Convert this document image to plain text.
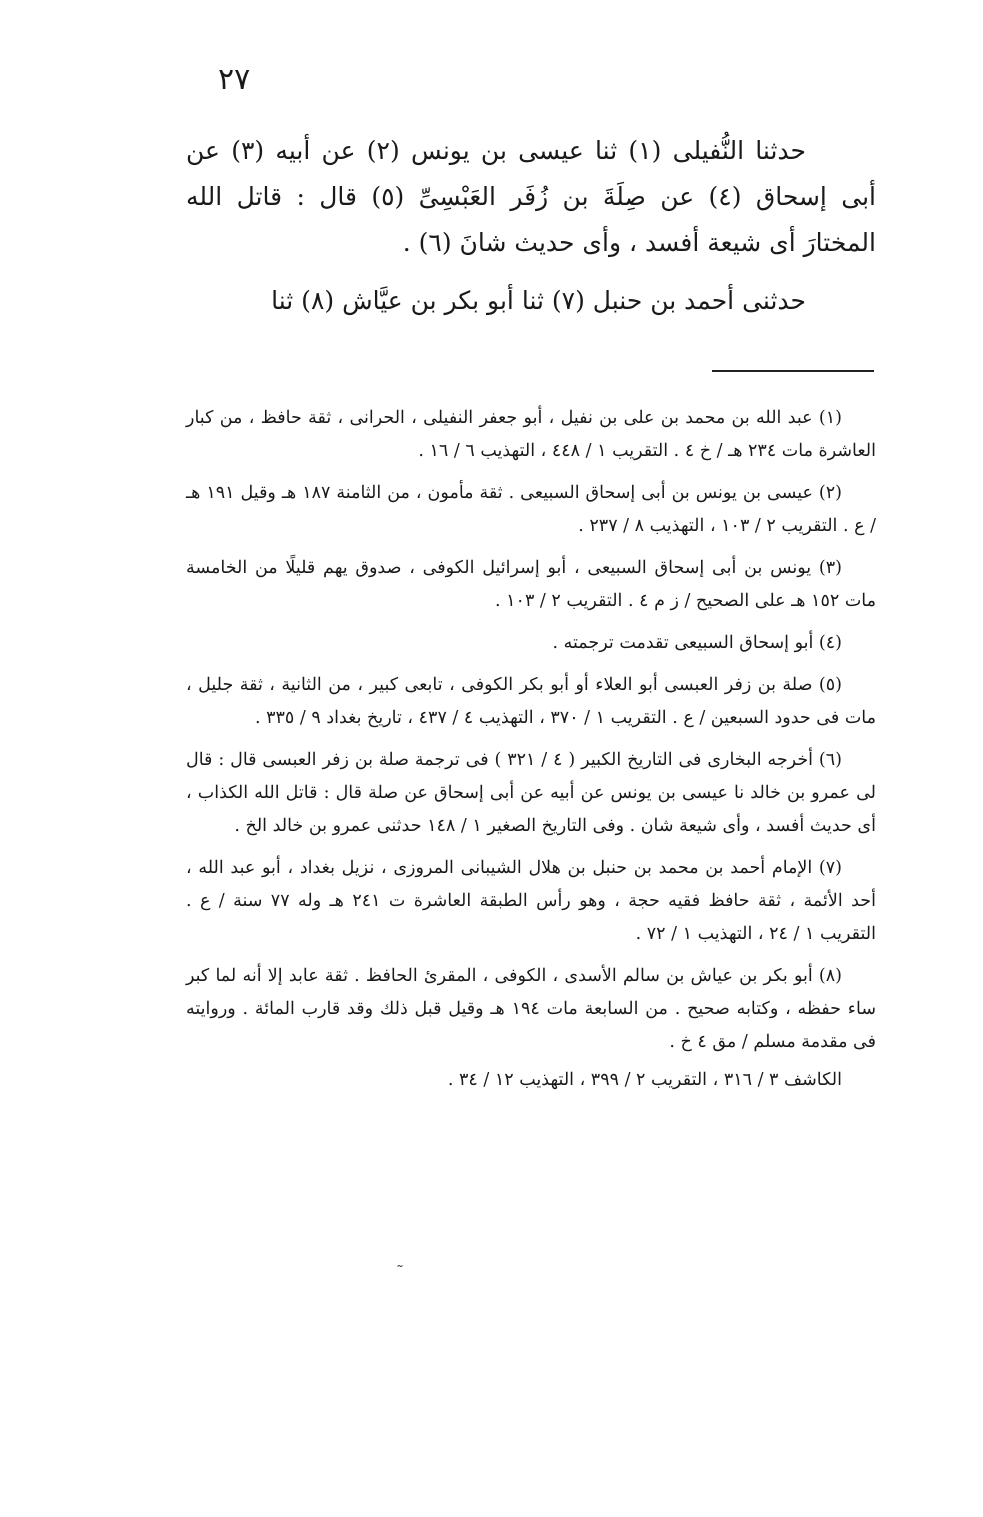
٢٧

حدثنا النُّفيلى (١) ثنا عيسى بن يونس (٢) عن أبيه (٣) عن أبى إسحاق (٤) عن صِلَةَ بن زُفَر العَبْسِىِّ (٥) قال : قاتل الله المختارَ أى شيعة أفسد ، وأى حديث شانَ (٦) .

حدثنى أحمد بن حنبل (٧) ثنا أبو بكر بن عيَّاش (٨) ثنا

(١) عبد الله بن محمد بن على بن نفيل ، أبو جعفر النفيلى ، الحرانى ، ثقة حافظ ، من كبار العاشرة مات ٢٣٤ هـ / خ ٤ . التقريب ١ / ٤٤٨ ، التهذيب ٦ / ١٦ .

(٢) عيسى بن يونس بن أبى إسحاق السبيعى . ثقة مأمون ، من الثامنة ١٨٧ هـ وقيل ١٩١ هـ / ع . التقريب ٢ / ١٠٣ ، التهذيب ٨ / ٢٣٧ .

(٣) يونس بن أبى إسحاق السبيعى ، أبو إسرائيل الكوفى ، صدوق يهم قليلًا من الخامسة مات ١٥٢ هـ على الصحيح / ز م ٤ . التقريب ٢ / ١٠٣ .

(٤) أبو إسحاق السبيعى تقدمت ترجمته .

(٥) صلة بن زفر العبسى أبو العلاء أو أبو بكر الكوفى ، تابعى كبير ، من الثانية ، ثقة جليل ، مات فى حدود السبعين / ع . التقريب ١ / ٣٧٠ ، التهذيب ٤ / ٤٣٧ ، تاريخ بغداد ٩ / ٣٣٥ .

(٦) أخرجه البخارى فى التاريخ الكبير ( ٤ / ٣٢١ ) فى ترجمة صلة بن زفر العبسى قال : قال لى عمرو بن خالد نا عيسى بن يونس عن أبيه عن أبى إسحاق عن صلة قال : قاتل الله الكذاب ، أى حديث أفسد ، وأى شيعة شان . وفى التاريخ الصغير ١ / ١٤٨ حدثنى عمرو بن خالد الخ .

(٧) الإمام أحمد بن محمد بن حنبل بن هلال الشيبانى المروزى ، نزيل بغداد ، أبو عبد الله ، أحد الأئمة ، ثقة حافظ فقيه حجة ، وهو رأس الطبقة العاشرة ت ٢٤١ هـ وله ٧٧ سنة / ع . التقريب ١ / ٢٤ ، التهذيب ١ / ٧٢ .

(٨) أبو بكر بن عياش بن سالم الأسدى ، الكوفى ، المقرئ الحافظ . ثقة عابد إلا أنه لما كبر ساء حفظه ، وكتابه صحيح . من السابعة مات ١٩٤ هـ وقيل قبل ذلك وقد قارب المائة . وروايته فى مقدمة مسلم / مق ٤ خ .

الكاشف ٣ / ٣١٦ ، التقريب ٢ / ٣٩٩ ، التهذيب ١٢ / ٣٤ .

˜
